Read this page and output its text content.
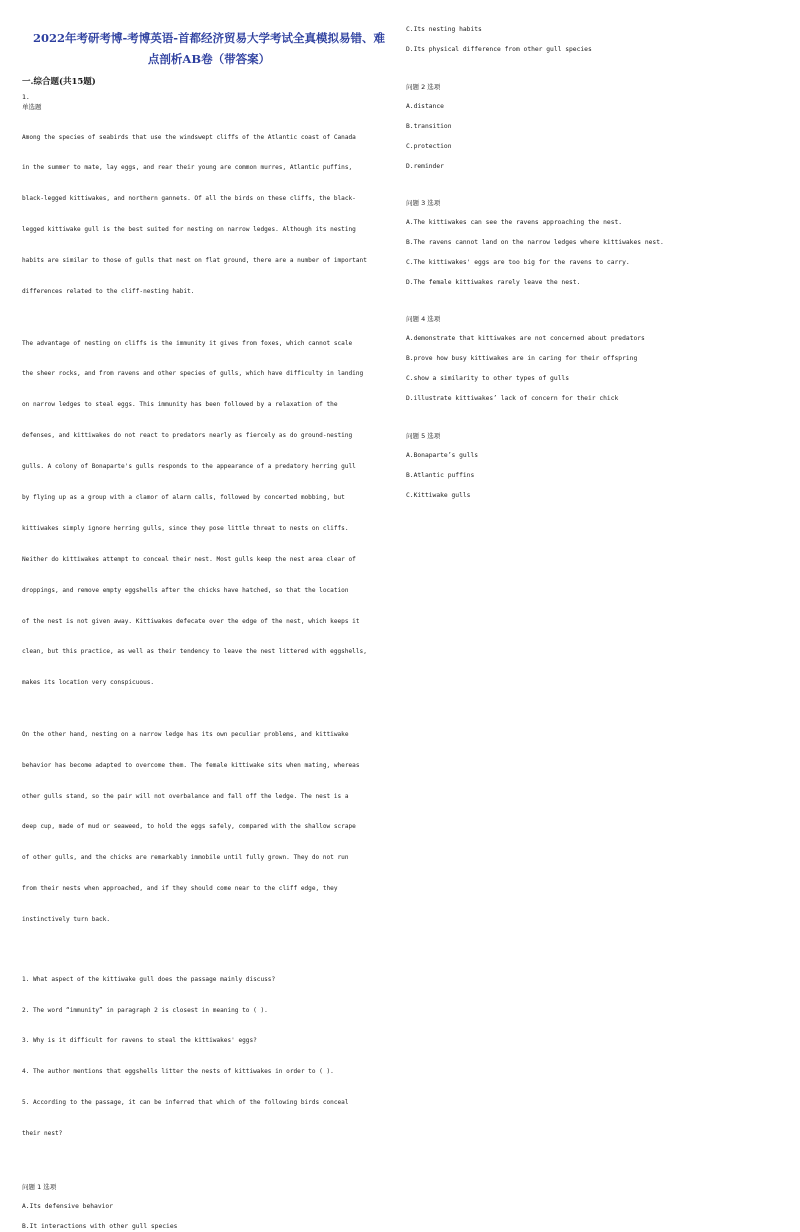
2022年考研考博-考博英语-首都经济贸易大学考试全真模拟易错、难
点剖析AB卷（带答案）
一.综合题(共15题)
1.
单选题

Among the species of seabirds that use the windswept cliffs of the Atlantic coast of Canada

in the summer to mate, lay eggs, and rear their young are common murres, Atlantic puffins,

black-legged kittiwakes, and northern gannets. Of all the birds on these cliffs, the black-

legged kittiwake gull is the best suited for nesting on narrow ledges. Although its nesting

habits are similar to those of gulls that nest on flat ground, there are a number of important

differences related to the cliff-nesting habit.

The advantage of nesting on cliffs is the immunity it gives from foxes, which cannot scale

the sheer rocks, and from ravens and other species of gulls, which have difficulty in landing

on narrow ledges to steal eggs. This immunity has been followed by a relaxation of the

defenses, and kittiwakes do not react to predators nearly as fiercely as do ground-nesting

gulls. A colony of Bonaparte's gulls responds to the appearance of a predatory herring gull

by flying up as a group with a clamor of alarm calls, followed by concerted mobbing, but

kittiwakes simply ignore herring gulls, since they pose little threat to nests on cliffs.

Neither do kittiwakes attempt to conceal their nest. Most gulls keep the nest area clear of

droppings, and remove empty eggshells after the chicks have hatched, so that the location

of the nest is not given away. Kittiwakes defecate over the edge of the nest, which keeps it

clean, but this practice, as well as their tendency to leave the nest littered with eggshells,

makes its location very conspicuous.

On the other hand, nesting on a narrow ledge has its own peculiar problems, and kittiwake

behavior has become adapted to overcome them. The female kittiwake sits when mating, whereas

other gulls stand, so the pair will not overbalance and fall off the ledge. The nest is a

deep cup, made of mud or seaweed, to hold the eggs safely, compared with the shallow scrape

of other gulls, and the chicks are remarkably immobile until fully grown. They do not run

from their nests when approached, and if they should come near to the cliff edge, they

instinctively turn back.

1. What aspect of the kittiwake gull does the passage mainly discuss?

2. The word “immunity” in paragraph 2 is closest in meaning to ( ).

3. Why is it difficult for ravens to steal the kittiwakes' eggs?

4. The author mentions that eggshells litter the nests of kittiwakes in order to ( ).

5. According to the passage, it can be inferred that which of the following birds conceal

their nest?

问题 1 选项
A.Its defensive behavior
B.It interactions with other gull species
C.Its nesting habits
D.Its physical difference from other gull species
问题 2 选项
A.distance
B.transition
C.protection
D.reminder
问题 3 选项
A.The kittiwakes can see the ravens approaching the nest.
B.The ravens cannot land on the narrow ledges where kittiwakes nest.
C.The kittiwakes' eggs are too big for the ravens to carry.
D.The female kittiwakes rarely leave the nest.
问题 4 选项
A.demonstrate that kittiwakes are not concerned about predators
B.prove how busy kittiwakes are in caring for their offspring
C.show a similarity to other types of gulls
D.illustrate kittiwakes’ lack of concern for their chick
问题 5 选项
A.Bonaparte’s gulls
B.Atlantic puffins
C.Kittiwake gulls
